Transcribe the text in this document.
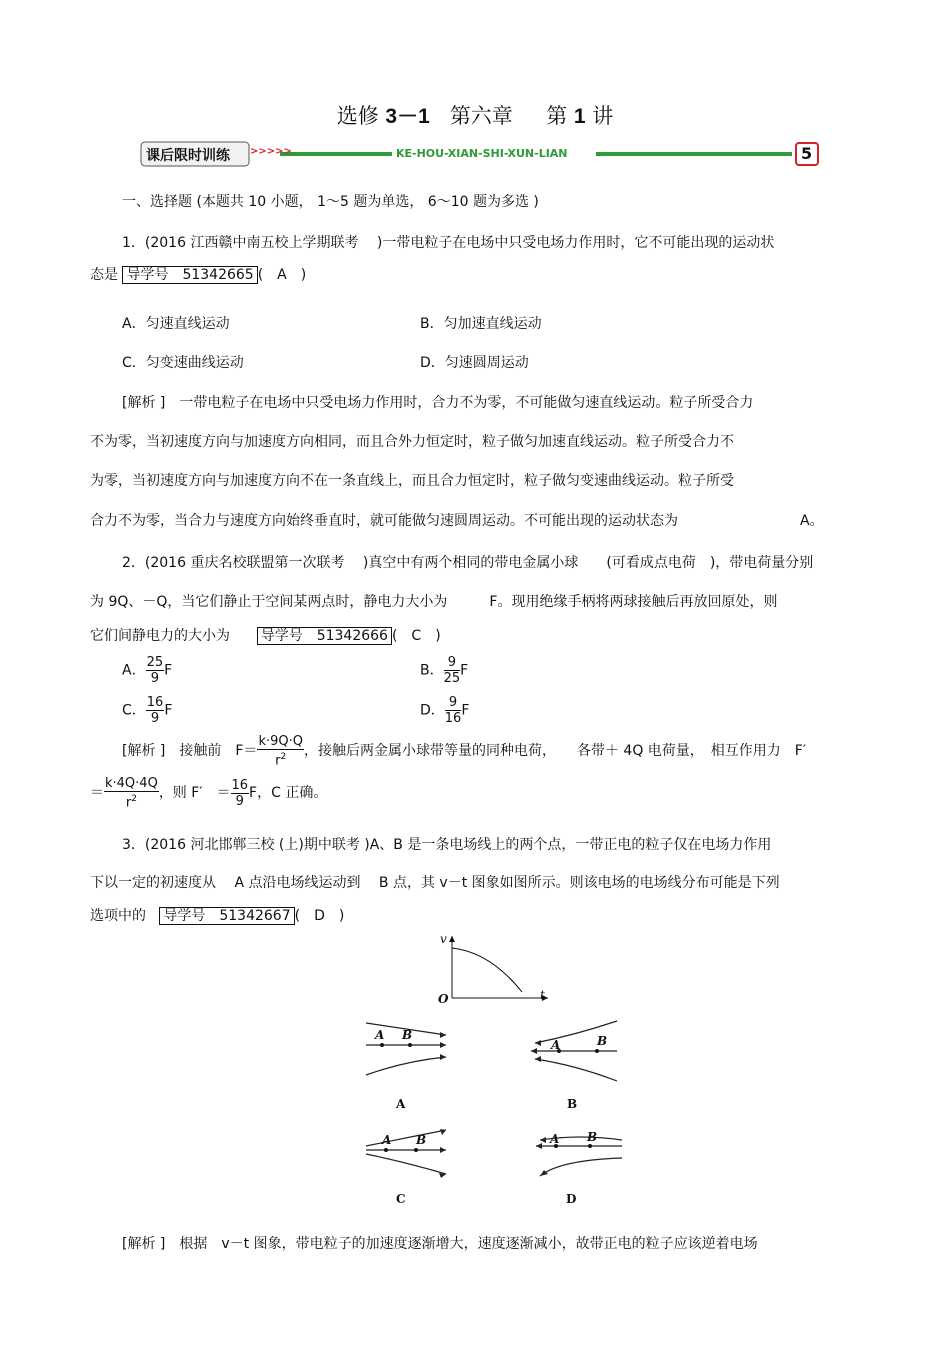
选修 3－1 第六章 第 1 讲
课后限时训练 >>>>>	KE-HOU-XIAN-SHI-XUN-LIAN	5
一、选择题 (本题共 10 小题， 1～5 题为单选， 6～10 题为多选 )
1．(2016 江西赣中南五校上学期联考　 )一带电粒子在电场中只受电场力作用时，它不可能出现的运动状
态是 导学号　51342665 (　A　)
A．匀速直线运动	B．匀加速直线运动
C．匀变速曲线运动	D．匀速圆周运动
[解析 ]　一带电粒子在电场中只受电场力作用时，合力不为零，不可能做匀速直线运动。粒子所受合力
不为零，当初速度方向与加速度方向相同，而且合外力恒定时，粒子做匀加速直线运动。粒子所受合力不
为零，当初速度方向与加速度方向不在一条直线上，而且合力恒定时，粒子做匀变速曲线运动。粒子所受
合力不为零，当合力与速度方向始终垂直时，就可能做匀速圆周运动。不可能出现的运动状态为	A。
2．(2016 重庆名校联盟第一次联考　 )真空中有两个相同的带电金属小球　　(可看成点电荷　)，带电荷量分别
为 9Q、－Q，当它们静止于空间某两点时，静电力大小为　　　F。现用绝缘手柄将两球接触后再放回原处，则
它们间静电力的大小为 导学号　51342666 (　C　)
A． $\frac{25}{9}$ F	B． $\frac{9}{25}$ F
C． $\frac{16}{9}$ F	D． $\frac{9}{16}$ F
[解析 ]　接触前　$F= \frac{k\cdot 9Q\cdot Q}{r^2}$ ，接触后两金属小球带等量的同种电荷，　　各带＋ 4Q 电荷量，　相互作用力　F′
＝ $\frac{k\cdot 4Q\cdot 4Q}{r^2}$ ，则 F′　＝ $\frac{16}{9}$ F，C 正确。
3．(2016 河北邯郸三校 (上)期中联考 )A、B 是一条电场线上的两个点，一带正电的粒子仅在电场力作用
下以一定的初速度从　 A 点沿电场线运动到　 B 点，其 v－t 图象如图所示。则该电场的电场线分布可能是下列
选项中的 导学号　51342667 (　D　)
v
t
O
A B
A
A	B
B
A B
C
A B
D
[解析 ]　根据　v－t 图象，带电粒子的加速度逐渐增大，速度逐渐减小，故带正电的粒子应该逆着电场
